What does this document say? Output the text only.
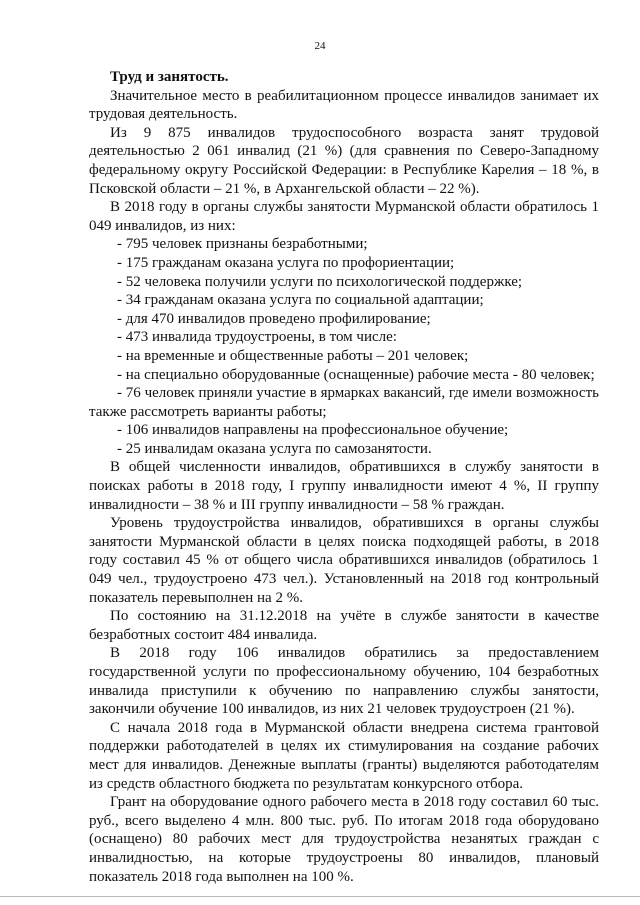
24

Труд и занятость.

Значительное место в реабилитационном процессе инвалидов занимает их трудовая деятельность.

Из 9 875 инвалидов трудоспособного возраста занят трудовой деятельностью 2 061 инвалид (21 %) (для сравнения по Северо-Западному федеральному округу Российской Федерации: в Республике Карелия – 18 %, в Псковской области – 21 %, в Архангельской области – 22 %).

В 2018 году в органы службы занятости Мурманской области обратилось 1 049 инвалидов, из них:

- 795 человек признаны безработными;

- 175 гражданам оказана услуга по профориентации;

- 52 человека получили услуги по психологической поддержке;

- 34 гражданам оказана услуга по социальной адаптации;

- для 470 инвалидов проведено профилирование;

- 473 инвалида трудоустроены, в том числе:

- на временные и общественные работы – 201 человек;

- на специально оборудованные (оснащенные) рабочие места - 80 человек;

- 76 человек приняли участие в ярмарках вакансий, где имели возможность также рассмотреть варианты работы;

- 106 инвалидов направлены на профессиональное обучение;

- 25 инвалидам оказана услуга по самозанятости.

В общей численности инвалидов, обратившихся в службу занятости в поисках работы в 2018 году, I группу инвалидности имеют 4 %, II группу инвалидности – 38 % и III группу инвалидности – 58 % граждан.

Уровень трудоустройства инвалидов, обратившихся в органы службы занятости Мурманской области в целях поиска подходящей работы, в 2018 году составил 45 % от общего числа обратившихся инвалидов (обратилось 1 049 чел., трудоустроено 473 чел.). Установленный на 2018 год контрольный показатель перевыполнен на 2 %.

По состоянию на 31.12.2018 на учёте в службе занятости в качестве безработных состоит 484 инвалида.

В 2018 году 106 инвалидов обратились за предоставлением государственной услуги по профессиональному обучению, 104 безработных инвалида приступили к обучению по направлению службы занятости, закончили обучение 100 инвалидов, из них 21 человек трудоустроен (21 %).

С начала 2018 года в Мурманской области внедрена система грантовой поддержки работодателей в целях их стимулирования на создание рабочих мест для инвалидов. Денежные выплаты (гранты) выделяются работодателям из средств областного бюджета по результатам конкурсного отбора.

Грант на оборудование одного рабочего места в 2018 году составил 60 тыс. руб., всего выделено 4 млн. 800 тыс. руб. По итогам 2018 года оборудовано (оснащено) 80 рабочих мест для трудоустройства незанятых граждан с инвалидностью, на которые трудоустроены 80 инвалидов, плановый показатель 2018 года выполнен на 100 %.
